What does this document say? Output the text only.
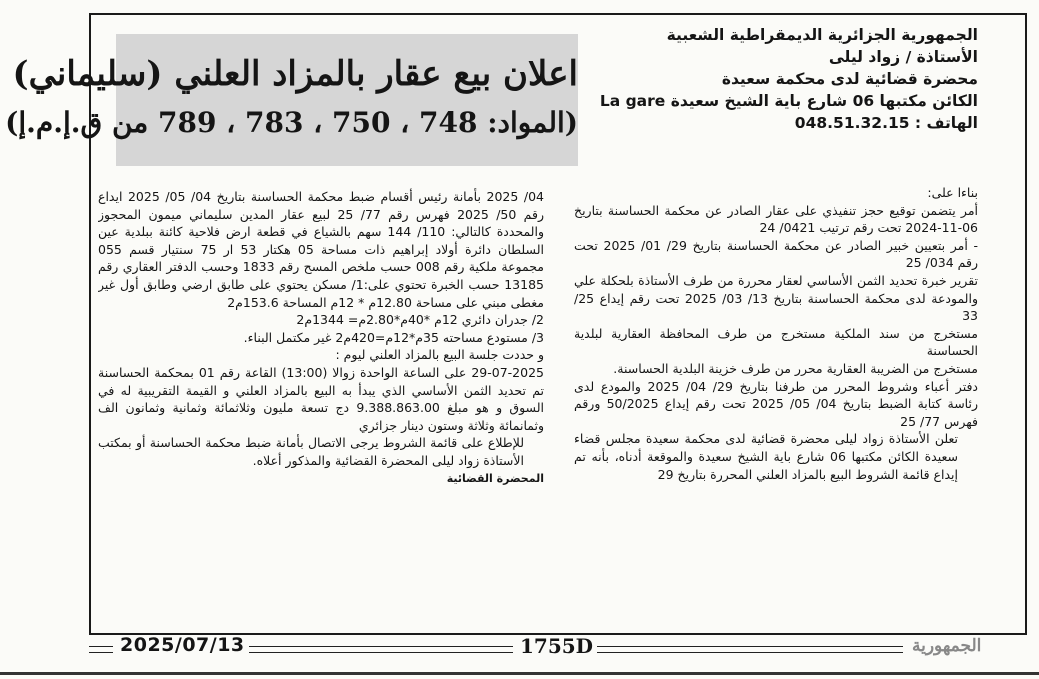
الجمهورية الجزائرية الديمقراطية الشعبية
الأستاذة / زواد ليلى
محضرة قضائية لدى محكمة سعيدة
الكائن مكتبها 06 شارع باية الشيخ سعيدة La gare
الهاتف : 048.51.32.15
اعلان بيع عقار بالمزاد العلني (سليماني)
(المواد: 748 ، 750 ، 783 ، 789 من ق.إ.م.إ)

بناءا على:

أمر يتضمن توقيع حجز تنفيذي على عقار الصادر عن محكمة الحساسنة بتاريخ 06-11-2024 تحت رقم ترتيب 0421/ 24

- أمر بتعيين خبير الصادر عن محكمة الحساسنة بتاريخ 29/ 01/ 2025 تحت رقم 034/ 25

تقرير خبرة تحديد الثمن الأساسي لعقار محررة من طرف الأستاذة بلحكلة علي والمودعة لدى محكمة الحساسنة بتاريخ 13/ 03/ 2025 تحت رقم إيداع 25/ 33

مستخرج من سند الملكية مستخرج من طرف المحافظة العقارية لبلدية الحساسنة

مستخرج من الضريبة العقارية محرر من طرف خزينة البلدية الحساسنة.

دفتر أعباء وشروط المحرر من طرفنا بتاريخ 29/ 04/ 2025 والمودع لدى رئاسة كتابة الضبط بتاريخ 04/ 05/ 2025 تحت رقم إيداع 50/2025 ورقم فهرس 77/ 25

تعلن الأستاذة زواد ليلى محضرة قضائية لدى محكمة سعيدة مجلس قضاء سعيدة الكائن مكتبها 06 شارع باية الشيخ سعيدة والموقعة أدناه، بأنه تم إيداع قائمة الشروط البيع بالمزاد العلني المحررة بتاريخ 29

04/ 2025 بأمانة رئيس أقسام ضبط محكمة الحساسنة بتاريخ 04/ 05/ 2025 ايداع رقم 50/ 2025 فهرس رقم 77/ 25 لبيع عقار المدين سليماني ميمون المحجوز والمحددة كالتالي: 110/ 144 سهم بالشياع في قطعة ارض فلاحية كائنة ببلدية عين السلطان دائرة أولاد إبراهيم ذات مساحة 05 هكتار 53 ار 75 سنتيار قسم 055 مجموعة ملكية رقم 008 حسب ملخص المسح رقم 1833 وحسب الدفتر العقاري رقم 13185 حسب الخبرة تحتوي على:1/ مسكن يحتوي على طابق ارضي وطابق أول غير مغطى مبني على مساحة 12.80م * 12م المساحة 153.6م2

2/ جدران دائري 12م *40م*2.80م= 1344م2

3/ مستودع مساحته 35م*12م=420م2 غير مكتمل البناء.

و حددت جلسة البيع بالمزاد العلني ليوم :

29-07-2025 على الساعة الواحدة زوالا (13:00) القاعة رقم 01 بمحكمة الحساسنة تم تحديد الثمن الأساسي الذي يبدأ به البيع بالمزاد العلني و القيمة التقريبية له في السوق و هو مبلغ 9.388.863.00 دج تسعة مليون وثلاثمائة وثمانية وثمانون الف وثمانمائة وثلاثة وستون دينار جزائري

للإطلاع على قائمة الشروط يرجى الاتصال بأمانة ضبط محكمة الحساسنة أو بمكتب الأستاذة زواد ليلى المحضرة القضائية والمذكور أعلاه.

المحضرة القضائية

2025/07/13	1755D	الجمهورية
